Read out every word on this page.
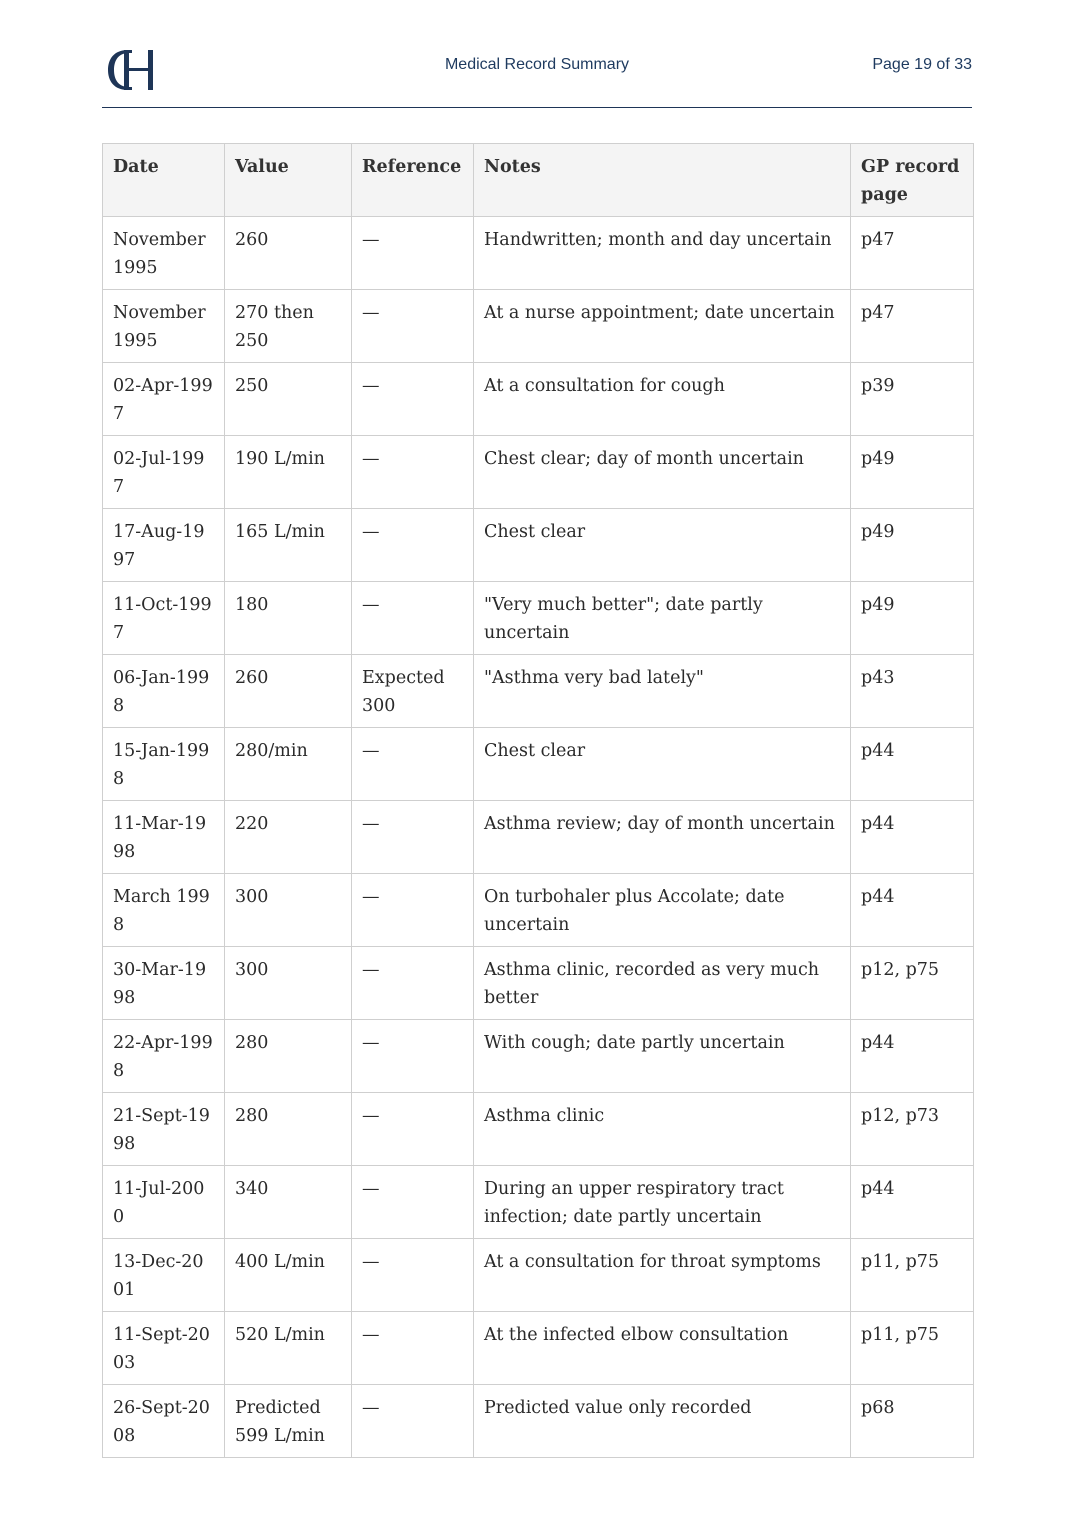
Medical Record Summary	Page 19 of 33
Date	Value	Reference	Notes	GP record page
November 1995	260	—	Handwritten; month and day uncertain	p47
November 1995	270 then 250	—	At a nurse appointment; date uncertain	p47
02-Apr-1997	250	—	At a consultation for cough	p39
02-Jul-1997	190 L/min	—	Chest clear; day of month uncertain	p49
17-Aug-1997	165 L/min	—	Chest clear	p49
11-Oct-1997	180	—	"Very much better"; date partly uncertain	p49
06-Jan-1998	260	Expected 300	"Asthma very bad lately"	p43
15-Jan-1998	280/min	—	Chest clear	p44
11-Mar-1998	220	—	Asthma review; day of month uncertain	p44
March 1998	300	—	On turbohaler plus Accolate; date uncertain	p44
30-Mar-1998	300	—	Asthma clinic, recorded as very much better	p12, p75
22-Apr-1998	280	—	With cough; date partly uncertain	p44
21-Sept-1998	280	—	Asthma clinic	p12, p73
11-Jul-2000	340	—	During an upper respiratory tract infection; date partly uncertain	p44
13-Dec-2001	400 L/min	—	At a consultation for throat symptoms	p11, p75
11-Sept-2003	520 L/min	—	At the infected elbow consultation	p11, p75
26-Sept-2008	Predicted 599 L/min	—	Predicted value only recorded	p68
